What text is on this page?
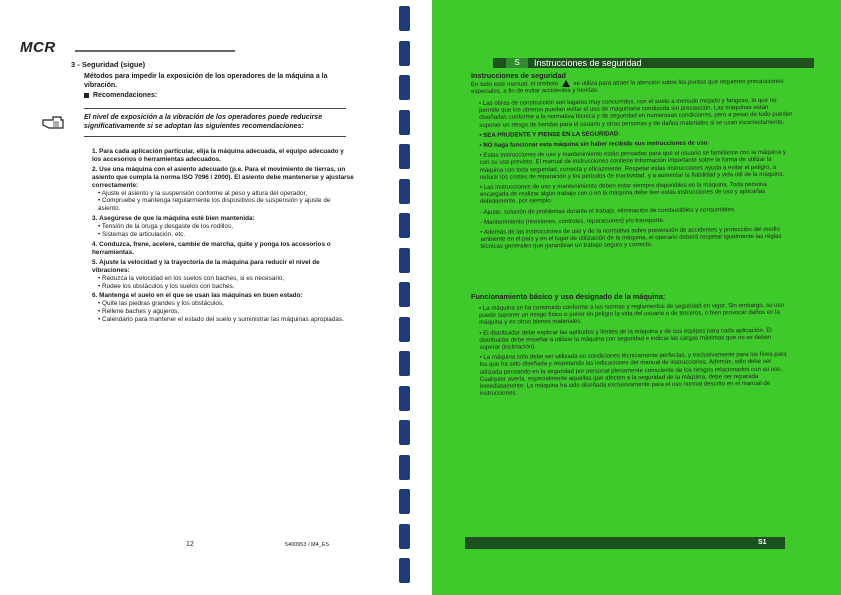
MCR
3 - Seguridad (sigue)
Métodos para impedir la exposición de los operadores de la máquina a la vibración.
Recomendaciones:
El nivel de exposición a la vibración de los operadores puede reducirse significativamente si se adoptan las siguientes recomendaciones:
1. Para cada aplicación particular, elija la máquina adecuada, el equipo adecuado y los accesorios o herramientas adecuados.
2. Use una máquina con el asiento adecuado (p.e. Para el movimiento de tierras, un asiento que cumpla la norma ISO 7096 / 2000). El asiento debe mantenerse y ajustarse correctamente:
• Ajuste el asiento y la suspensión conforme al peso y altura del operador,
• Compruebe y mantenga regularmente los dispositivos de suspensión y ajuste de asiento.
3. Asegúrese de que la máquina esté bien mantenida:
• Tensión de la oruga y desgaste de los rodillos,
• Sistemas de articulación, etc.
4. Conduzca, frene, acelere, cambie de marcha, quite y ponga los accesorios o herramientas.
5. Ajuste la velocidad y la trayectoria de la máquina para reducir el nivel de vibraciones:
• Reduzca la velocidad en los suelos con baches, si es necesario,
• Rodee los obstáculos y los suelos con baches.
6. Mantenga el suelo en el que se usan las máquinas en buen estado:
• Quite las piedras grandes y los obstáculos,
• Rellene baches y agujeros,
• Calendario para mantener el estado del suelo y suministrar las máquinas apropiadas.
12	5400953 / M4_ES
S	Instrucciones de seguridad
Instrucciones de seguridad

En todo este manual, el símbolo	se utiliza para atraer la atención sobre los puntos que requieren precauciones especiales, a fin de evitar accidentes y heridas.

• Las obras de construcción son lugares muy concurridos, con el suelo a menudo mojado y fangoso, lo que no permite que los obreros puedan evitar el uso de maquinaria conducida sin precaución. Las máquinas están diseñadas conforme a la normativa técnica y de seguridad en numerosas condiciones, pero a pesar de todo pueden suponer un riesgo de heridas para el usuario y otras personas y de daños materiales si se usan incorrectamente.

• SEA PRUDENTE Y PIENSE EN LA SEGURIDAD.

• NO haga funcionar esta máquina sin haber recibido sus instrucciones de uso.

• Estas instrucciones de uso y mantenimiento están pensadas para que el usuario se familiarice con la máquina y con su uso previsto. El manual de instrucciones contiene información importante sobre la forma de utilizar la máquina con toda seguridad, correcta y eficazmente. Respetar estas instrucciones ayuda a evitar el peligro, a reducir los costes de reparación y los periodos de inactividad, y a aumentar la fiabilidad y vida útil de la máquina.

• Las instrucciones de uso y mantenimiento deben estar siempre disponibles en la máquina. Toda persona encargada de realizar algún trabajo con o en la máquina debe leer estas instrucciones de uso y aplicarlas debidamente, por ejemplo:

- Ajuste, solución de problemas durante el trabajo, eliminación de combustibles y consumibles.

- Mantenimiento (revisiones, controles, reparaciones) y/o transporte.

• Además de las instrucciones de uso y de la normativa sobre prevención de accidentes y protección del medio ambiente en el país y en el lugar de utilización de la máquina, el operario deberá respetar igualmente las reglas técnicas generales que garantizan un trabajo seguro y correcto.

Funcionamiento básico y uso designado de la máquina:

• La máquina se ha construido conforme a las normas y reglamentos de seguridad en vigor. Sin embargo, su uso puede suponer un riesgo físico o poner en peligro la vida del usuario o de terceros, o bien provocar daños en la máquina y en otros bienes materiales.

• El distribuidor debe explicar las aptitudes y límites de la máquina y de sus equipos para cada aplicación. El distribuidor debe enseñar a utilizar la máquina con seguridad e indicar las cargas máximas que no se deben superar (inclinación).

• La máquina sólo debe ser utilizada en condiciones técnicamente perfectas, y exclusivamente para los fines para los que ha sido diseñada y respetando las indicaciones del manual de instrucciones. Además, sólo debe ser utilizada pensando en la seguridad por personal plenamente consciente de los riesgos relacionados con su uso. Cualquier avería, especialmente aquellas que afecten a la seguridad de la máquina, debe ser reparada inmediatamente. La máquina ha sido diseñada exclusivamente para el uso normal descrito en el manual de instrucciones.

S1
